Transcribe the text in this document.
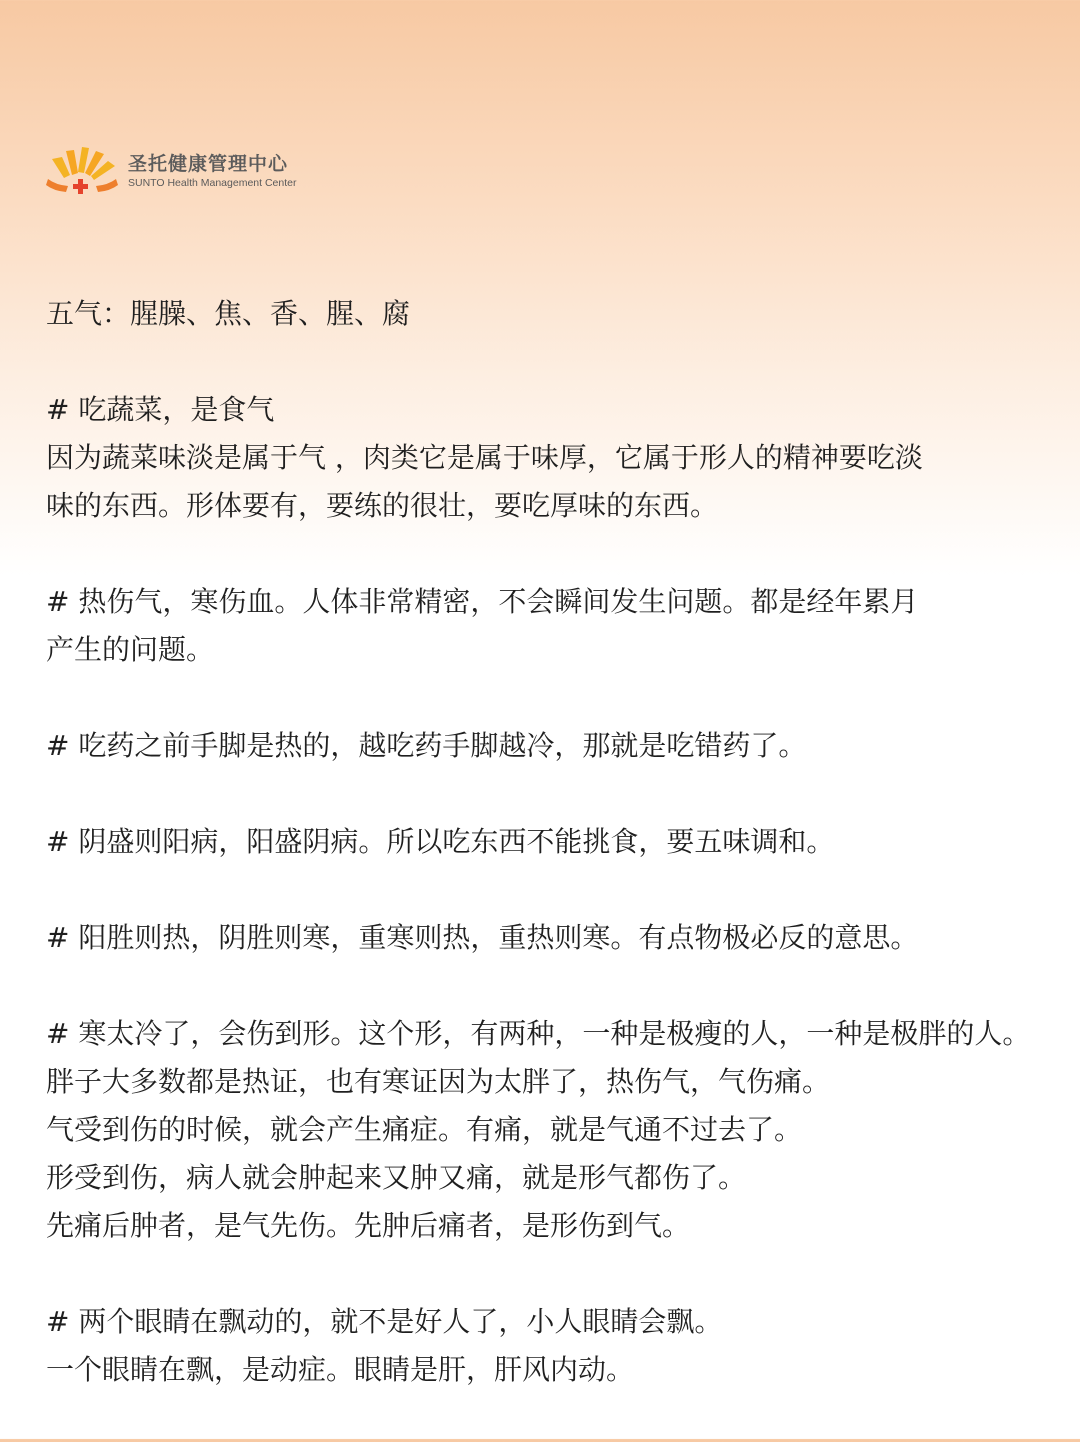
圣托健康管理中心
SUNTO Health Management Center
五气：腥臊、焦、香、腥、腐
# 吃蔬菜，是食气
因为蔬菜味淡是属于气 ，肉类它是属于味厚，它属于形人的精神要吃淡
味的东西。形体要有，要练的很壮，要吃厚味的东西。
# 热伤气，寒伤血。人体非常精密，不会瞬间发生问题。都是经年累月
产生的问题。
# 吃药之前手脚是热的，越吃药手脚越冷，那就是吃错药了。
# 阴盛则阳病，阳盛阴病。所以吃东西不能挑食，要五味调和。
# 阳胜则热，阴胜则寒，重寒则热，重热则寒。有点物极必反的意思。
# 寒太冷了，会伤到形。这个形，有两种，一种是极瘦的人，一种是极胖的人。
胖子大多数都是热证，也有寒证因为太胖了，热伤气，气伤痛。
气受到伤的时候，就会产生痛症。有痛，就是气通不过去了。
形受到伤，病人就会肿起来又肿又痛，就是形气都伤了。
先痛后肿者，是气先伤。先肿后痛者，是形伤到气。
# 两个眼睛在飘动的，就不是好人了，小人眼睛会飘。
一个眼睛在飘，是动症。眼睛是肝，肝风内动。
